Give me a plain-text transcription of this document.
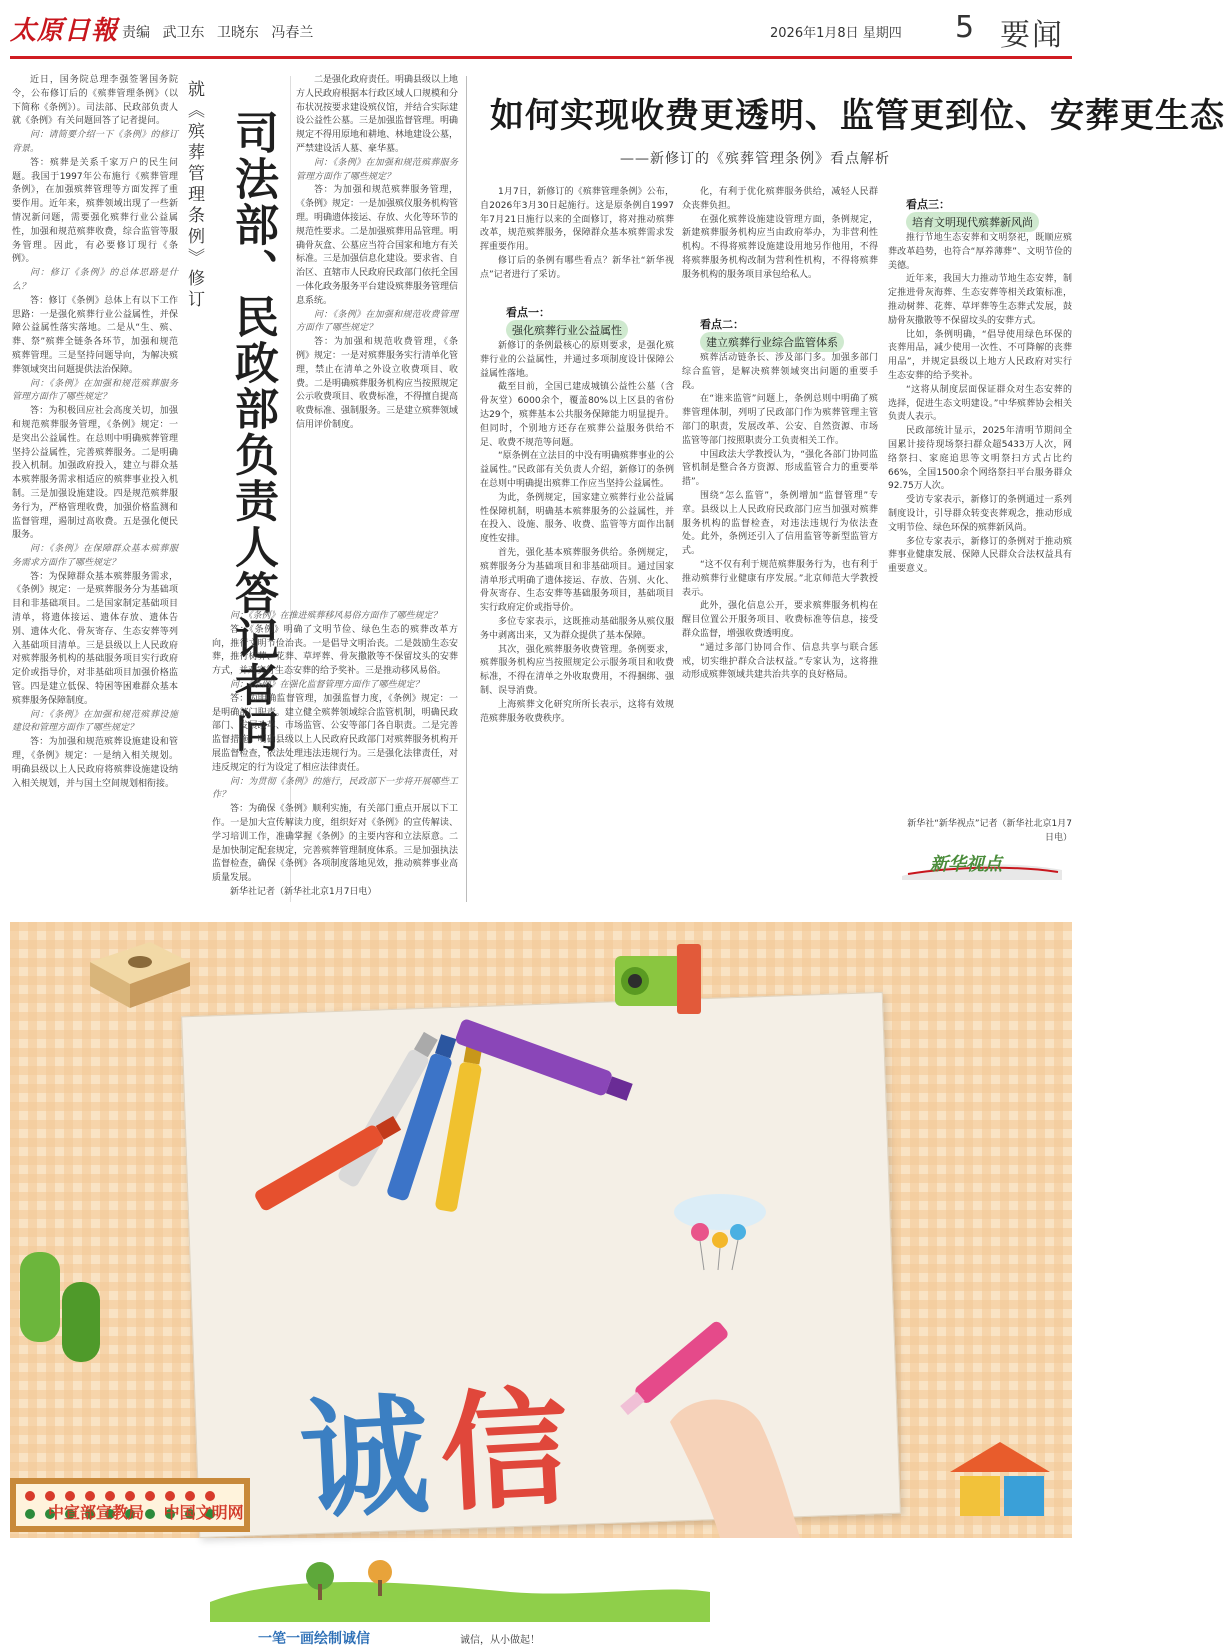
太原日報 责编 武卫东 卫晓东 冯春兰	2026年1月8日 星期四 5 要闻
就《殡葬管理条例》修订 司法部、民政部负责人答记者问

近日，国务院总理李强签署国务院令，公布修订后的《殡葬管理条例》（以下简称《条例》）。司法部、民政部负责人就《条例》有关问题回答了记者提问。

问：请简要介绍一下《条例》的修订背景。

答：殡葬是关系千家万户的民生问题。我国于1997年公布施行《殡葬管理条例》，在加强殡葬管理等方面发挥了重要作用。近年来，殡葬领域出现了一些新情况新问题，需要强化殡葬行业公益属性，加强和规范殡葬收费，综合监管等服务管理。因此，有必要修订现行《条例》。

问：修订《条例》的总体思路是什么？

答：修订《条例》总体上有以下工作思路：一是强化殡葬行业公益属性，并保障公益属性落实落地。二是从“生、殡、葬、祭”殡葬全链条各环节，加强和规范殡葬管理。三是坚持问题导向，为解决殡葬领域突出问题提供法治保障。

问：《条例》在加强和规范殡葬服务管理方面作了哪些规定？

答：为积极回应社会高度关切，加强和规范殡葬服务管理，《条例》规定：一是突出公益属性。在总则中明确殡葬管理坚持公益属性，完善殡葬服务。二是明确投入机制。加强政府投入，建立与群众基本殡葬服务需求相适应的殡葬事业投入机制。三是加强设施建设。四是规范殡葬服务行为，严格管理收费，加强价格监测和监督管理，遏制过高收费。五是强化便民服务。

问：《条例》在保障群众基本殡葬服务需求方面作了哪些规定？

答：为保障群众基本殡葬服务需求，《条例》规定：一是殡葬服务分为基础项目和非基础项目。二是国家制定基础项目清单，将遗体接运、遗体存放、遗体告别、遗体火化、骨灰寄存、生态安葬等列入基础项目清单。三是县级以上人民政府对殡葬服务机构的基础服务项目实行政府定价或指导价，对非基础项目加强价格监管。四是建立低保、特困等困难群众基本殡葬服务保障制度。

问：《条例》在加强和规范殡葬设施建设和管理方面作了哪些规定？

答：为加强和规范殡葬设施建设和管理，《条例》规定：一是纳入相关规划。明确县级以上人民政府将殡葬设施建设纳入相关规划，并与国土空间规划相衔接。

二是强化政府责任。明确县级以上地方人民政府根据本行政区域人口规模和分布状况按要求建设殡仪馆，并结合实际建设公益性公墓。三是加强监督管理。明确规定不得用原地和耕地、林地建设公墓，严禁建设活人墓、豪华墓。

问：《条例》在加强和规范殡葬服务管理方面作了哪些规定？

答：为加强和规范殡葬服务管理，《条例》规定：一是加强殡仪服务机构管理。明确遗体接运、存放、火化等环节的规范性要求。二是加强殡葬用品管理。明确骨灰盒、公墓应当符合国家和地方有关标准。三是加强信息化建设。要求省、自治区、直辖市人民政府民政部门依托全国一体化政务服务平台建设殡葬服务管理信息系统。

问：《条例》在加强和规范收费管理方面作了哪些规定？

答：为加强和规范收费管理，《条例》规定：一是对殡葬服务实行清单化管理，禁止在清单之外设立收费项目、收费。二是明确殡葬服务机构应当按照规定公示收费项目、收费标准，不得擅自提高收费标准、强制服务。三是建立殡葬领域信用评价制度。

问：《条例》在推进殡葬移风易俗方面作了哪些规定？

答：《条例》明确了文明节俭、绿色生态的殡葬改革方向，推行文明节俭治丧。一是倡导文明治丧。二是鼓励生态安葬，推行树葬、花葬、草坪葬、骨灰撒散等不保留坟头的安葬方式，并对实行生态安葬的给予奖补。三是推动移风易俗。

问：《条例》在强化监督管理方面作了哪些规定？

答：为明确监督管理，加强监督力度，《条例》规定：一是明确部门职责。建立健全殡葬领域综合监管机制，明确民政部门、发展改革、市场监管、公安等部门各自职责。二是完善监督措施。明确县级以上人民政府民政部门对殡葬服务机构开展监督检查，依法处理违法违规行为。三是强化法律责任，对违反规定的行为设定了相应法律责任。

问：为贯彻《条例》的施行，民政部下一步将开展哪些工作？

答：为确保《条例》顺利实施，有关部门重点开展以下工作。一是加大宣传解读力度，组织好对《条例》的宣传解读、学习培训工作，准确掌握《条例》的主要内容和立法原意。二是加快制定配套规定，完善殡葬管理制度体系。三是加强执法监督检查，确保《条例》各项制度落地见效，推动殡葬事业高质量发展。

新华社记者（新华社北京1月7日电）

如何实现收费更透明、监管更到位、安葬更生态
——新修订的《殡葬管理条例》看点解析

1月7日，新修订的《殡葬管理条例》公布，自2026年3月30日起施行。这是原条例自1997年7月21日施行以来的全面修订，将对推动殡葬改革，规范殡葬服务，保障群众基本殡葬需求发挥重要作用。

修订后的条例有哪些看点？新华社“新华视点”记者进行了采访。

看点一：
强化殡葬行业公益属性

新修订的条例最核心的原则要求，是强化殡葬行业的公益属性，并通过多项制度设计保障公益属性落地。

截至目前，全国已建成城镇公益性公墓（含骨灰堂）6000余个，覆盖80%以上区县的省份达29个，殡葬基本公共服务保障能力明显提升。但同时，个别地方还存在殡葬公益服务供给不足、收费不规范等问题。

“原条例在立法目的中没有明确殡葬事业的公益属性。”民政部有关负责人介绍，新修订的条例在总则中明确提出殡葬工作应当坚持公益属性。

为此，条例规定，国家建立殡葬行业公益属性保障机制，明确基本殡葬服务的公益属性，并在投入、设施、服务、收费、监管等方面作出制度性安排。

首先，强化基本殡葬服务供给。条例规定，殡葬服务分为基础项目和非基础项目。通过国家清单形式明确了遗体接运、存放、告别、火化、骨灰寄存、生态安葬等基础服务项目，基础项目实行政府定价或指导价。

多位专家表示，这既推动基础服务从殡仪服务中剥离出来，又为群众提供了基本保障。

其次，强化殡葬服务收费管理。条例要求，殡葬服务机构应当按照规定公示服务项目和收费标准，不得在清单之外收取费用，不得捆绑、强制、误导消费。

上海殡葬文化研究所所长表示，这将有效规范殡葬服务收费秩序。

化，有利于优化殡葬服务供给，减轻人民群众丧葬负担。

在强化殡葬设施建设管理方面，条例规定，新建殡葬服务机构应当由政府举办，为非营利性机构。不得将殡葬设施建设用地另作他用，不得将殡葬服务机构改制为营利性机构，不得将殡葬服务机构的服务项目承包给私人。

看点二：
建立殡葬行业综合监管体系

殡葬活动链条长、涉及部门多。加强多部门综合监管，是解决殡葬领域突出问题的重要手段。

在“谁来监管”问题上，条例总则中明确了殡葬管理体制，列明了民政部门作为殡葬管理主管部门的职责，发展改革、公安、自然资源、市场监管等部门按照职责分工负责相关工作。

中国政法大学教授认为，“强化各部门协同监管机制是整合各方资源、形成监管合力的重要举措”。

围绕“怎么监管”，条例增加“监督管理”专章。县级以上人民政府民政部门应当加强对殡葬服务机构的监督检查，对违法违规行为依法查处。此外，条例还引入了信用监管等新型监管方式。

“这不仅有利于规范殡葬服务行为，也有利于推动殡葬行业健康有序发展。”北京师范大学教授表示。

此外，强化信息公开，要求殡葬服务机构在醒目位置公开服务项目、收费标准等信息，接受群众监督，增强收费透明度。

“通过多部门协同合作、信息共享与联合惩戒，切实维护群众合法权益。”专家认为，这将推动形成殡葬领域共建共治共享的良好格局。

看点三：
培育文明现代殡葬新风尚

推行节地生态安葬和文明祭祀，既顺应殡葬改革趋势，也符合“厚养薄葬”、文明节俭的美德。

近年来，我国大力推动节地生态安葬，制定推进骨灰海葬、生态安葬等相关政策标准，推动树葬、花葬、草坪葬等生态葬式发展，鼓励骨灰撒散等不保留坟头的安葬方式。

比如，条例明确，“倡导使用绿色环保的丧葬用品，减少使用一次性、不可降解的丧葬用品”，并规定县级以上地方人民政府对实行生态安葬的给予奖补。

“这将从制度层面保证群众对生态安葬的选择，促进生态文明建设。”中华殡葬协会相关负责人表示。

民政部统计显示，2025年清明节期间全国累计接待现场祭扫群众超5433万人次，网络祭扫、家庭追思等文明祭扫方式占比约66%，全国1500余个网络祭扫平台服务群众92.75万人次。

受访专家表示，新修订的条例通过一系列制度设计，引导群众转变丧葬观念，推动形成文明节俭、绿色环保的殡葬新风尚。

多位专家表示，新修订的条例对于推动殡葬事业健康发展、保障人民群众合法权益具有重要意义。

新华社“新华视点”记者（新华社北京1月7日电）
新华视点
诚信
一笔一画绘制诚信	诚信，从小做起！
中宣部宣教局 中国文明网
